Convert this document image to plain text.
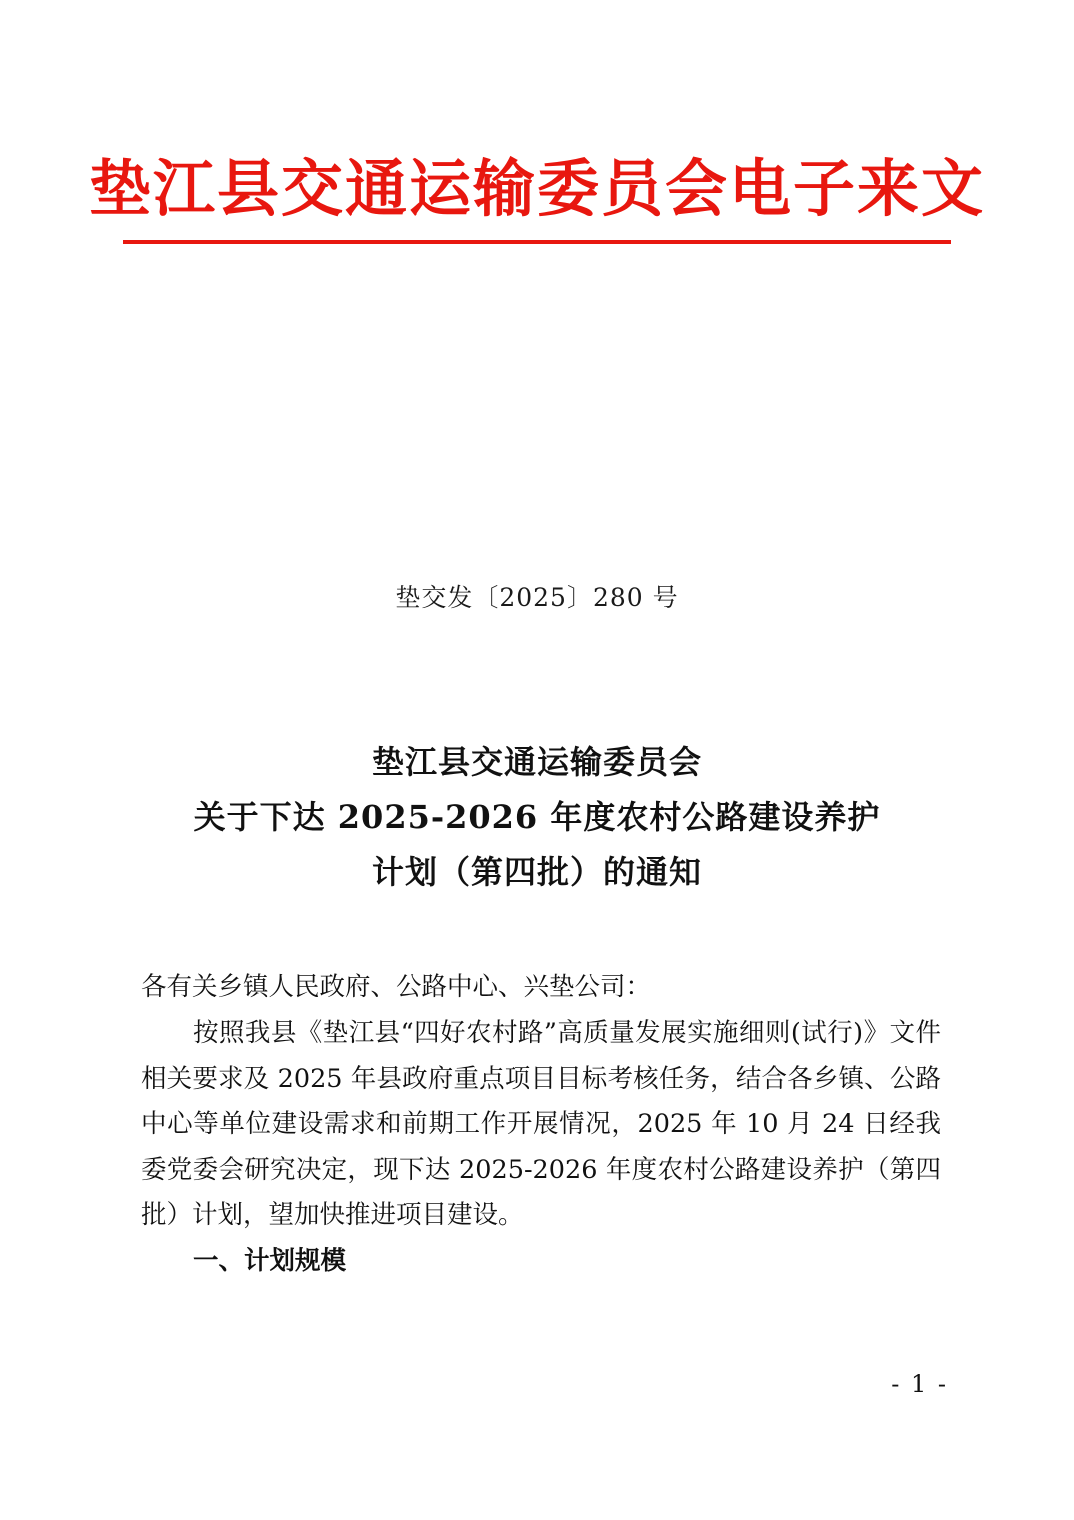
垫江县交通运输委员会电子来文
垫交发〔2025〕280 号
垫江县交通运输委员会
关于下达 2025-2026 年度农村公路建设养护
计划（第四批）的通知

各有关乡镇人民政府、公路中心、兴垫公司：

按照我县《垫江县“四好农村路”高质量发展实施细则(试行)》文件相关要求及 2025 年县政府重点项目目标考核任务，结合各乡镇、公路中心等单位建设需求和前期工作开展情况，2025 年 10 月 24 日经我委党委会研究决定，现下达 2025-2026 年度农村公路建设养护（第四批）计划，望加快推进项目建设。

一、计划规模

- 1 -
